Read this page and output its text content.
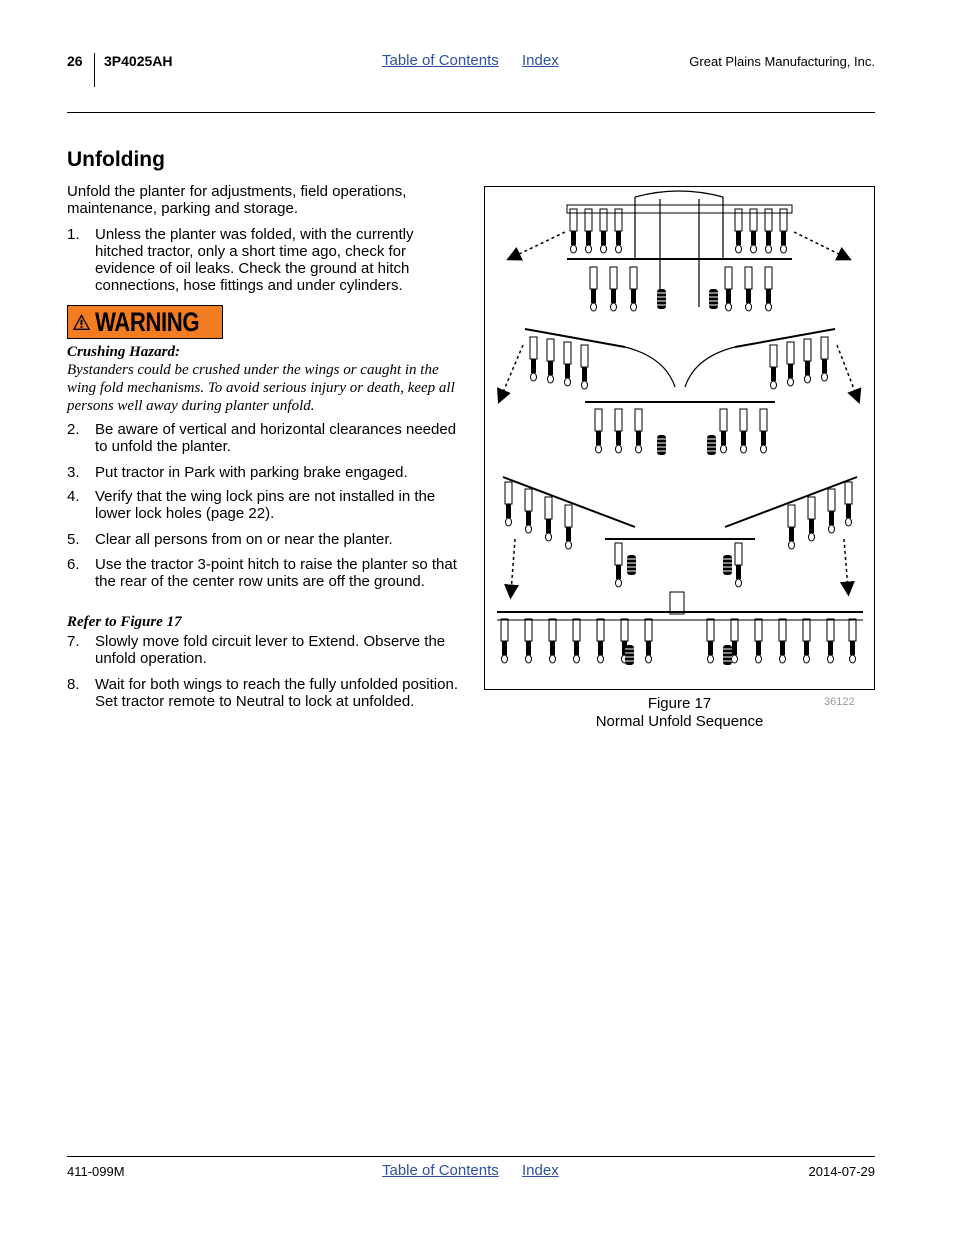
26 3P4025AH	Table of Contents Index	Great Plains Manufacturing, Inc.
Unfolding
Unfold the planter for adjustments, field operations, maintenance, parking and storage.
1. Unless the planter was folded, with the currently hitched tractor, only a short time ago, check for evidence of oil leaks. Check the ground at hitch connections, hose fittings and under cylinders.
WARNING
Crushing Hazard:
Bystanders could be crushed under the wings or caught in the wing fold mechanisms. To avoid serious injury or death, keep all persons well away during planter unfold.
2. Be aware of vertical and horizontal clearances needed to unfold the planter.
3. Put tractor in Park with parking brake engaged.
4. Verify that the wing lock pins are not installed in the lower lock holes (page 22).
5. Clear all persons from on or near the planter.
6. Use the tractor 3-point hitch to raise the planter so that the rear of the center row units are off the ground.
Refer to Figure 17
7. Slowly move fold circuit lever to Extend. Observe the unfold operation.
8. Wait for both wings to reach the fully unfolded position. Set tractor remote to Neutral to lock at unfolded.	Figure 17
Normal Unfold Sequence
36122
411-099M	Table of Contents Index	2014-07-29
